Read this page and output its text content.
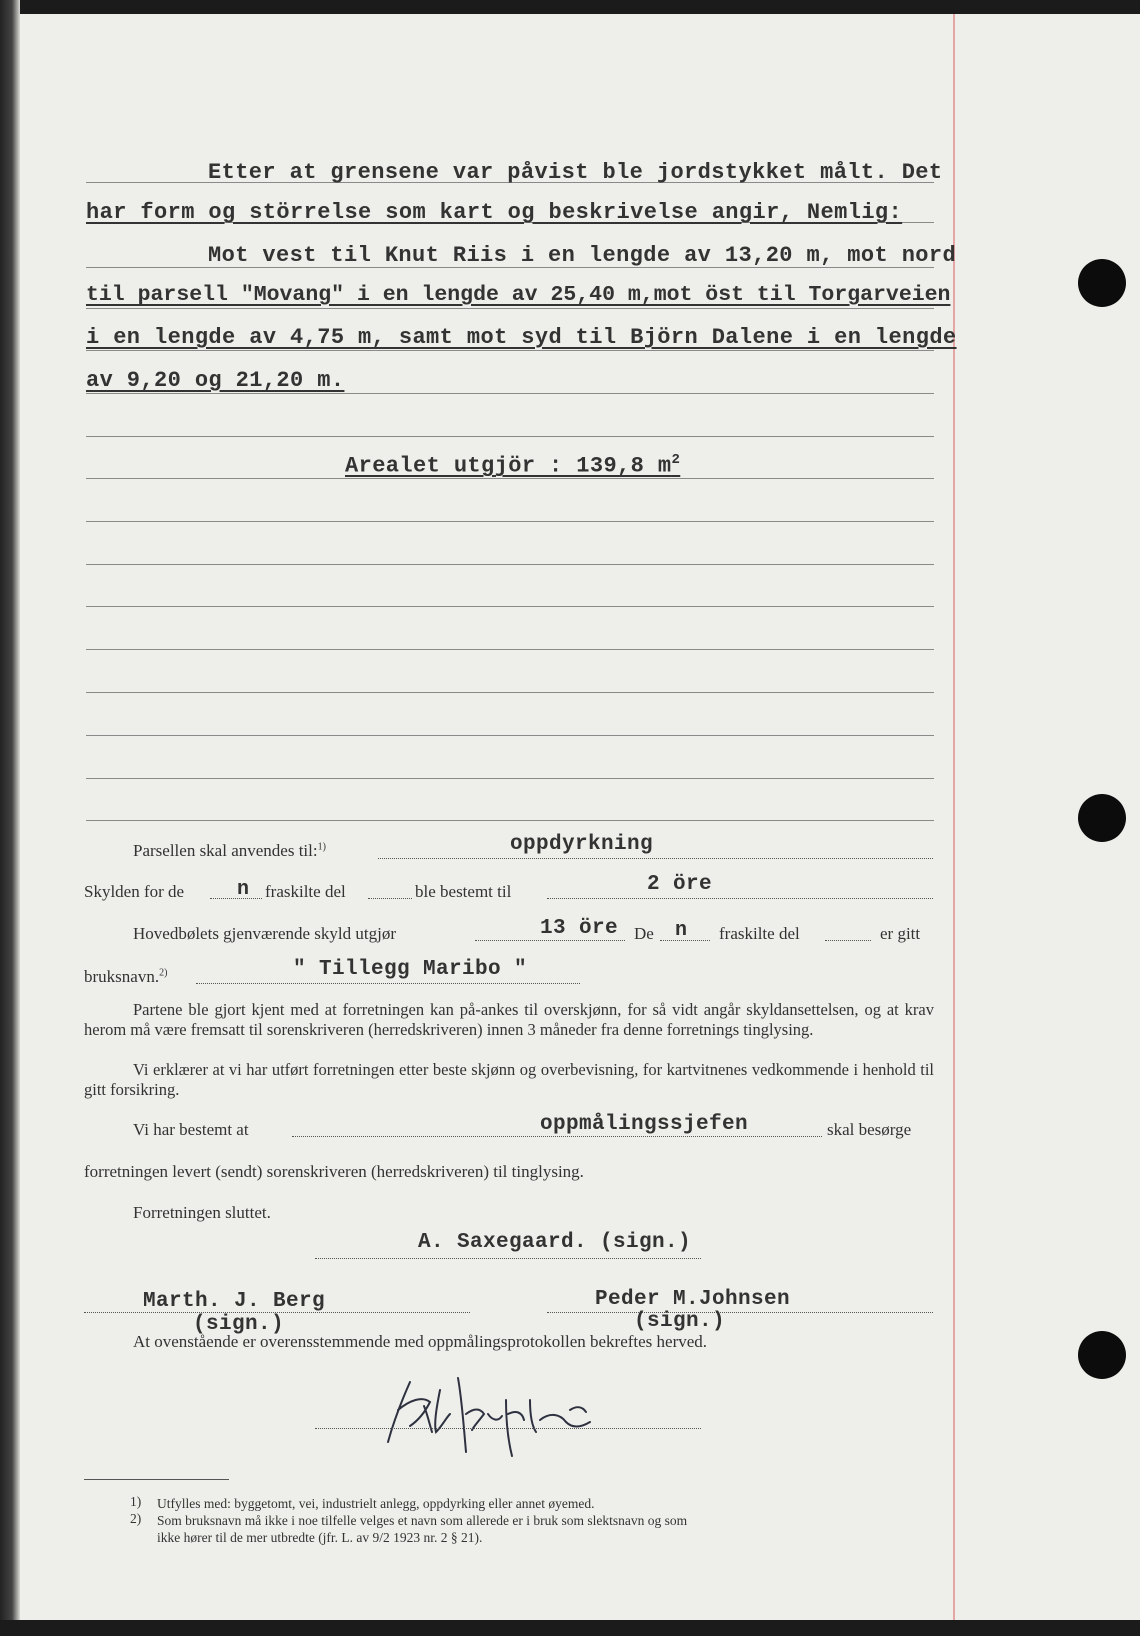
Etter at grensene var påvist ble jordstykket målt. Det
har form og störrelse som kart og beskrivelse angir, Nemlig:
Mot vest til Knut Riis i en lengde av 13,20 m, mot nord
til parsell "Movang" i en lengde av 25,40 m,mot öst til Torgarveien
i en lengde av 4,75 m, samt mot syd til Björn Dalene i en lengde
av 9,20 og 21,20 m.
Arealet utgjör : 139,8 $m^2$
Parsellen skal anvendes til:$^{1)}$	oppdyrkning
Skylden for de	n fraskilte del	ble bestemt til	2 öre
Hovedbølets gjenværende skyld utgjør	13 öre De n fraskilte del	er gitt
bruksnavn.$^{2)}$	" Tillegg Maribo "
Partene ble gjort kjent med at forretningen kan på-ankes til overskjønn, for så vidt angår skyldansettelsen, og at krav herom må være fremsatt til sorenskriveren (herredskriveren) innen 3 måneder fra denne forretnings tinglysing.
Vi erklærer at vi har utført forretningen etter beste skjønn og overbevisning, for kartvitnenes vedkommende i henhold til gitt forsikring.
Vi har bestemt at	oppmålingssjefen	skal besørge
forretningen levert (sendt) sorenskriveren (herredskriveren) til tinglysing.
Forretningen sluttet.
A. Saxegaard. (sign.)
Marth. J. Berg
(sign.)
Peder M.Johnsen
(sign.)
At ovenstående er overensstemmende med oppmålingsprotokollen bekreftes herved.
1) Utfylles med: byggetomt, vei, industrielt anlegg, oppdyrking eller annet øyemed.
2) Som bruksnavn må ikke i noe tilfelle velges et navn som allerede er i bruk som slektsnavn og som
ikke hører til de mer utbredte (jfr. L. av 9/2 1923 nr. 2 § 21).
